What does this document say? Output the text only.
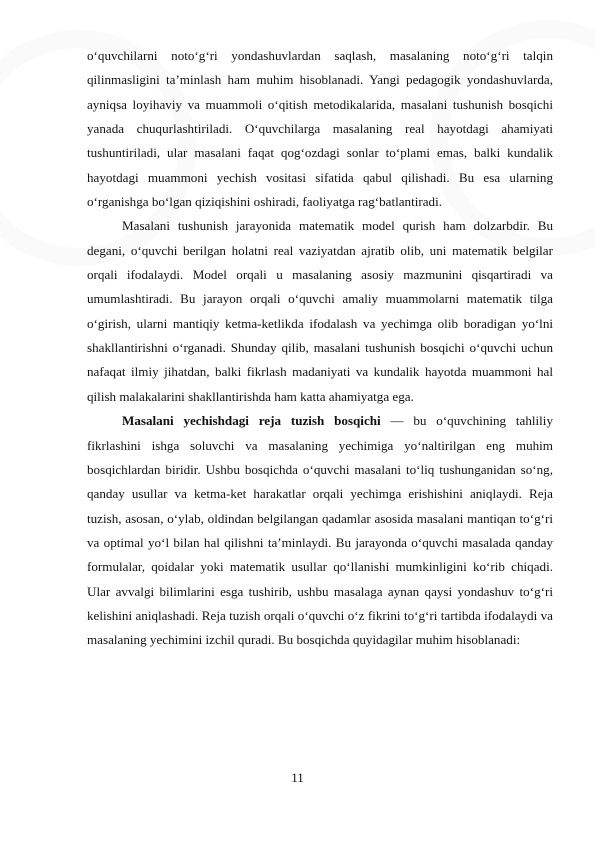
o‘quvchilarni noto‘g‘ri yondashuvlardan saqlash, masalaning noto‘g‘ri talqin qilinmasligini ta’minlash ham muhim hisoblanadi. Yangi pedagogik yondashuvlarda, ayniqsa loyihaviy va muammoli o‘qitish metodikalarida, masalani tushunish bosqichi yanada chuqurlashtiriladi. O‘quvchilarga masalaning real hayotdagi ahamiyati tushuntiriladi, ular masalani faqat qog‘ozdagi sonlar to‘plami emas, balki kundalik hayotdagi muammoni yechish vositasi sifatida qabul qilishadi. Bu esa ularning o‘rganishga bo‘lgan qiziqishini oshiradi, faoliyatga rag‘batlantiradi.

Masalani tushunish jarayonida matematik model qurish ham dolzarbdir. Bu degani, o‘quvchi berilgan holatni real vaziyatdan ajratib olib, uni matematik belgilar orqali ifodalaydi. Model orqali u masalaning asosiy mazmunini qisqartiradi va umumlashtiradi. Bu jarayon orqali o‘quvchi amaliy muammolarni matematik tilga o‘girish, ularni mantiqiy ketma-ketlikda ifodalash va yechimga olib boradigan yo‘lni shakllantirishni o‘rganadi. Shunday qilib, masalani tushunish bosqichi o‘quvchi uchun nafaqat ilmiy jihatdan, balki fikrlash madaniyati va kundalik hayotda muammoni hal qilish malakalarini shakllantirishda ham katta ahamiyatga ega.

Masalani yechishdagi reja tuzish bosqichi — bu o‘quvchining tahliliy fikrlashini ishga soluvchi va masalaning yechimiga yo‘naltirilgan eng muhim bosqichlardan biridir. Ushbu bosqichda o‘quvchi masalani to‘liq tushunganidan so‘ng, qanday usullar va ketma-ket harakatlar orqali yechimga erishishini aniqlaydi. Reja tuzish, asosan, o‘ylab, oldindan belgilangan qadamlar asosida masalani mantiqan to‘g‘ri va optimal yo‘l bilan hal qilishni ta’minlaydi. Bu jarayonda o‘quvchi masalada qanday formulalar, qoidalar yoki matematik usullar qo‘llanishi mumkinligini ko‘rib chiqadi. Ular avvalgi bilimlarini esga tushirib, ushbu masalaga aynan qaysi yondashuv to‘g‘ri kelishini aniqlashadi. Reja tuzish orqali o‘quvchi o‘z fikrini to‘g‘ri tartibda ifodalaydi va masalaning yechimini izchil quradi. Bu bosqichda quyidagilar muhim hisoblanadi:

11
